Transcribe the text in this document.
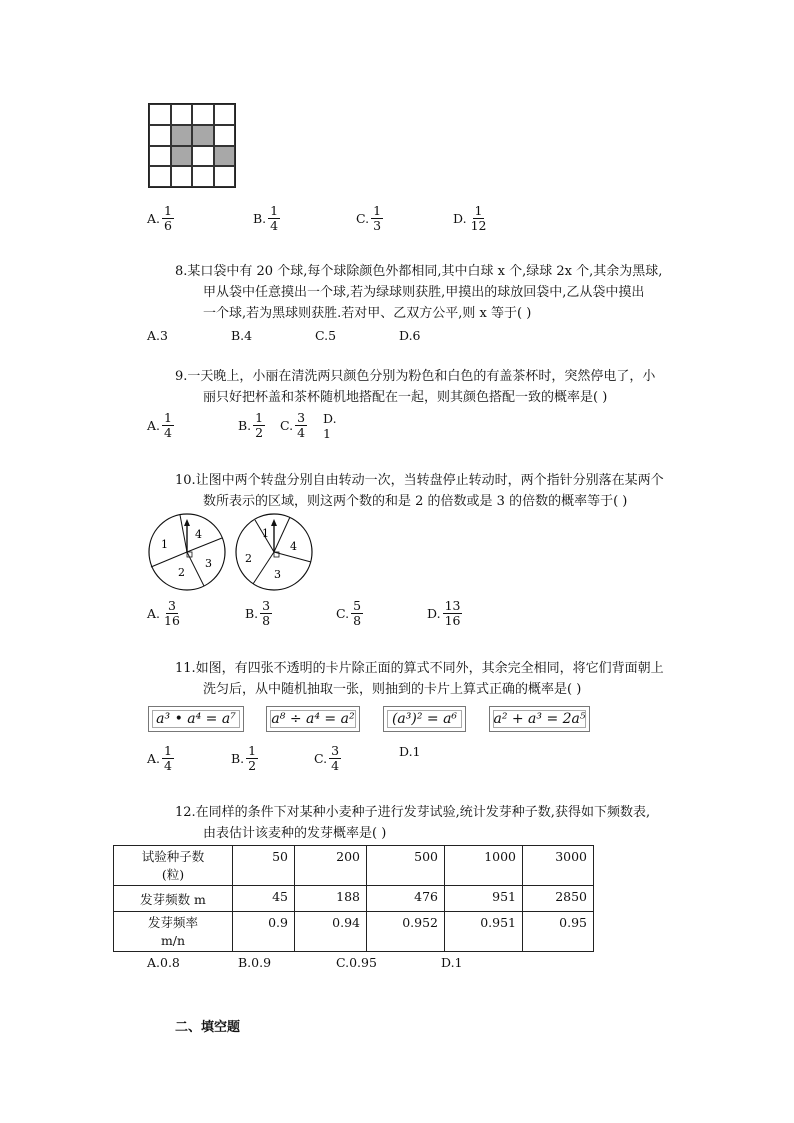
A. $\frac{1}{6}$	B. $\frac{1}{4}$	C. $\frac{1}{3}$	D. $\frac{1}{12}$
8.某口袋中有 20 个球,每个球除颜色外都相同,其中白球 x 个,绿球 2x 个,其余为黑球,
甲从袋中任意摸出一个球,若为绿球则获胜,甲摸出的球放回袋中,乙从袋中摸出
一个球,若为黑球则获胜.若对甲、乙双方公平,则 x 等于( )
A.3	B.4	C.5	D.6
9.一天晚上，小丽在清洗两只颜色分别为粉色和白色的有盖茶杯时，突然停电了，小
丽只好把杯盖和茶杯随机地搭配在一起，则其颜色搭配一致的概率是( )
A. $\frac{1}{4}$	B. $\frac{1}{2} C$. $\frac{3}{4} D$. 1
10.让图中两个转盘分别自由转动一次，当转盘停止转动时，两个指针分别落在某两个
数所表示的区域，则这两个数的和是 2 的倍数或是 3 的倍数的概率等于( )
1
2
3
4	1
2
3
4
A. $\frac{3}{16}$	B. $\frac{3}{8}$	C. $\frac{5}{8}$	D. $\frac{13}{16}$
11.如图，有四张不透明的卡片除正面的算式不同外，其余完全相同，将它们背面朝上
洗匀后，从中随机抽取一张，则抽到的卡片上算式正确的概率是( )
a³ • a⁴ = a⁷	a⁸ ÷ a⁴ = a²	(a³)² = a⁶	a² + a³ = 2a⁵
A. $\frac{1}{4}$	B. $\frac{1}{2}$	C. $\frac{3}{4}$	D.1
12.在同样的条件下对某种小麦种子进行发芽试验,统计发芽种子数,获得如下频数表,
由表估计该麦种的发芽概率是( )
试验种子数
(粒)	50	200	500	1000	3000
发芽频数 m	45	188	476	951	2850
发芽频率
m/n	0.9	0.94	0.952	0.951	0.95
A.0.8	B.0.9	C.0.95	D.1
二、填空题
